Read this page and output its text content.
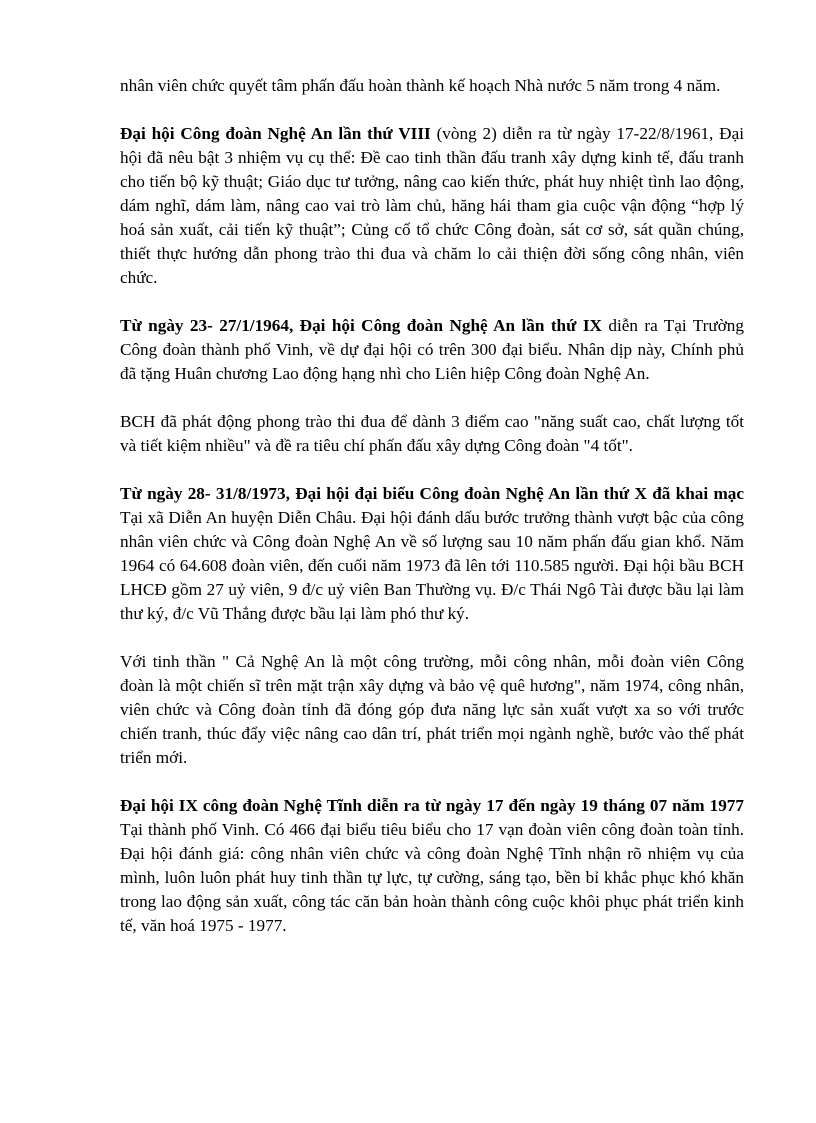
nhân viên chức quyết tâm phấn đấu hoàn thành kế hoạch Nhà nước 5 năm trong 4 năm.

Đại hội Công đoàn Nghệ An lần thứ VIII (vòng 2) diễn ra từ ngày 17-22/8/1961, Đại hội đã nêu bật 3 nhiệm vụ cụ thể: Đề cao tinh thần đấu tranh xây dựng kinh tế, đấu tranh cho tiến bộ kỹ thuật; Giáo dục tư tưởng, nâng cao kiến thức, phát huy nhiệt tình lao động, dám nghĩ, dám làm, nâng cao vai trò làm chủ, hăng hái tham gia cuộc vận động “hợp lý hoá sản xuất, cải tiến kỹ thuật”; Củng cố tổ chức Công đoàn, sát cơ sở, sát quần chúng, thiết thực hướng dẫn phong trào thi đua và chăm lo cải thiện đời sống công nhân, viên chức.

Từ ngày 23- 27/1/1964, Đại hội Công đoàn Nghệ An lần thứ IX diễn ra Tại Trường Công đoàn thành phố Vinh, về dự đại hội có trên 300 đại biểu. Nhân dịp này, Chính phủ đã tặng Huân chương Lao động hạng nhì cho Liên hiệp Công đoàn Nghệ An.

BCH đã phát động phong trào thi đua để dành 3 điểm cao "năng suất cao, chất lượng tốt và tiết kiệm nhiều" và đề ra tiêu chí phấn đấu xây dựng Công đoàn "4 tốt".

Từ ngày 28- 31/8/1973, Đại hội đại biểu Công đoàn Nghệ An lần thứ X đã khai mạc Tại xã Diễn An huyện Diễn Châu. Đại hội đánh dấu bước trưởng thành vượt bậc của công nhân viên chức và Công đoàn Nghệ An về số lượng sau 10 năm phấn đấu gian khổ. Năm 1964 có 64.608 đoàn viên, đến cuối năm 1973 đã lên tới 110.585 người. Đại hội bầu BCH LHCĐ gồm 27 uỷ viên, 9 đ/c uỷ viên Ban Thường vụ. Đ/c Thái Ngô Tài được bầu lại làm thư ký, đ/c Vũ Thắng được bầu lại làm phó thư ký.

Với tinh thần " Cả Nghệ An là một công trường, mỗi công nhân, mỗi đoàn viên Công đoàn là một chiến sĩ trên mặt trận xây dựng và bảo vệ quê hương", năm 1974, công nhân, viên chức và Công đoàn tỉnh đã đóng góp đưa năng lực sản xuất vượt xa so với trước chiến tranh, thúc đẩy việc nâng cao dân trí, phát triển mọi ngành nghề, bước vào thế phát triển mới.

Đại hội IX công đoàn Nghệ Tĩnh diễn ra từ ngày 17 đến ngày 19 tháng 07 năm 1977 Tại thành phố Vinh. Có 466 đại biểu tiêu biểu cho 17 vạn đoàn viên công đoàn toàn tỉnh. Đại hội đánh giá: công nhân viên chức và công đoàn Nghệ Tĩnh nhận rõ nhiệm vụ của mình, luôn luôn phát huy tinh thần tự lực, tự cường, sáng tạo, bền bỉ khắc phục khó khăn trong lao động sản xuất, công tác căn bản hoàn thành công cuộc khôi phục phát triển kinh tế, văn hoá 1975 - 1977.
